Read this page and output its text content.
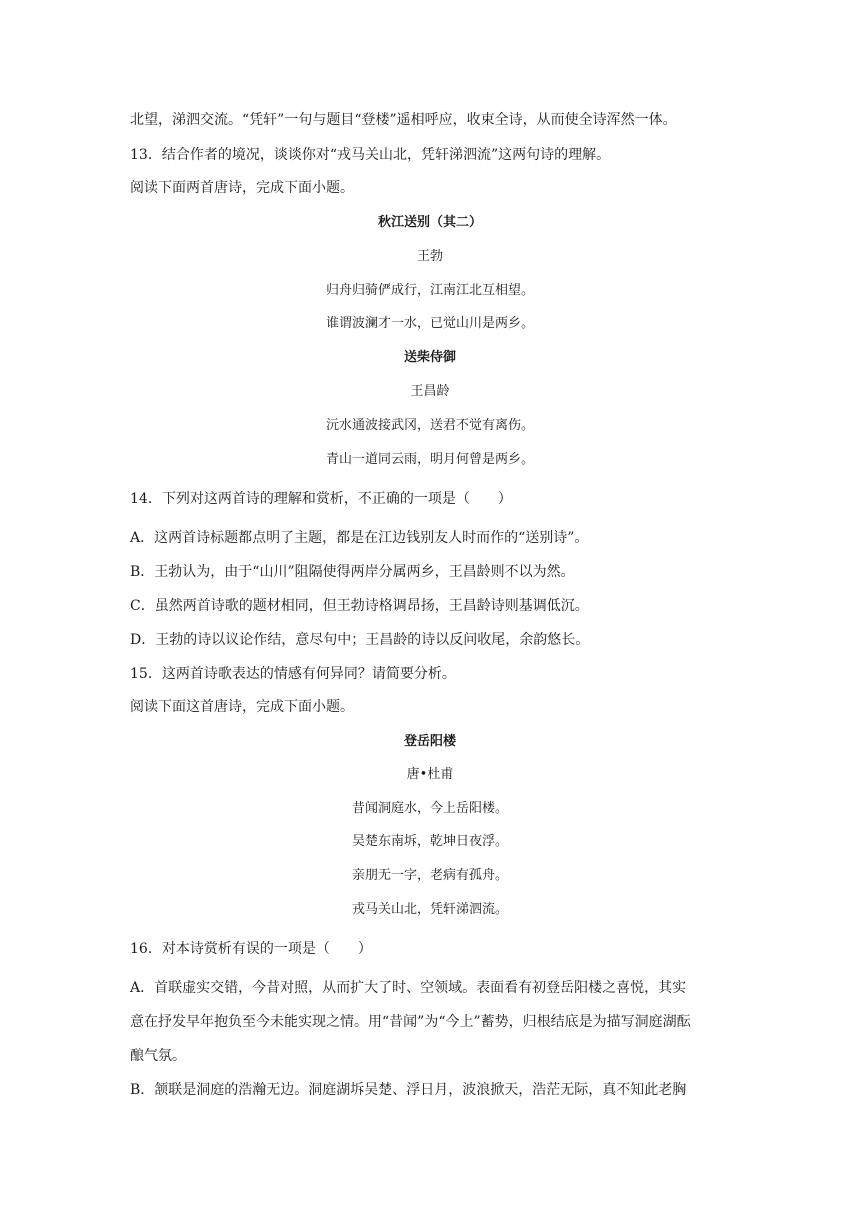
北望，涕泗交流。“凭轩”一句与题目“登楼”遥相呼应，收束全诗，从而使全诗浑然一体。
13．结合作者的境况，谈谈你对“戎马关山北，凭轩涕泗流”这两句诗的理解。
阅读下面两首唐诗，完成下面小题。
秋江送别（其二）
王勃
归舟归骑俨成行，江南江北互相望。
谁谓波澜才一水，已觉山川是两乡。
送柴侍御
王昌龄
沅水通波接武冈，送君不觉有离伤。
青山一道同云雨，明月何曾是两乡。
14．下列对这两首诗的理解和赏析，不正确的一项是（　　）
A．这两首诗标题都点明了主题，都是在江边钱别友人时而作的“送别诗”。
B．王勃认为，由于“山川”阻隔使得两岸分属两乡，王昌龄则不以为然。
C．虽然两首诗歌的题材相同，但王勃诗格调昂扬，王昌龄诗则基调低沉。
D．王勃的诗以议论作结，意尽句中；王昌龄的诗以反问收尾，余韵悠长。
15．这两首诗歌表达的情感有何异同？请简要分析。
阅读下面这首唐诗，完成下面小题。
登岳阳楼
唐•杜甫
昔闻洞庭水，今上岳阳楼。
吴楚东南坼，乾坤日夜浮。
亲朋无一字，老病有孤舟。
戎马关山北，凭轩涕泗流。
16．对本诗赏析有误的一项是（　　）
A．首联虚实交错，今昔对照，从而扩大了时、空领域。表面看有初登岳阳楼之喜悦，其实
意在抒发早年抱负至今未能实现之情。用“昔闻”为“今上”蓄势，归根结底是为描写洞庭湖酝
酿气氛。
B．颔联是洞庭的浩瀚无边。洞庭湖坼吴楚、浮日月，波浪掀天，浩茫无际，真不知此老胸
